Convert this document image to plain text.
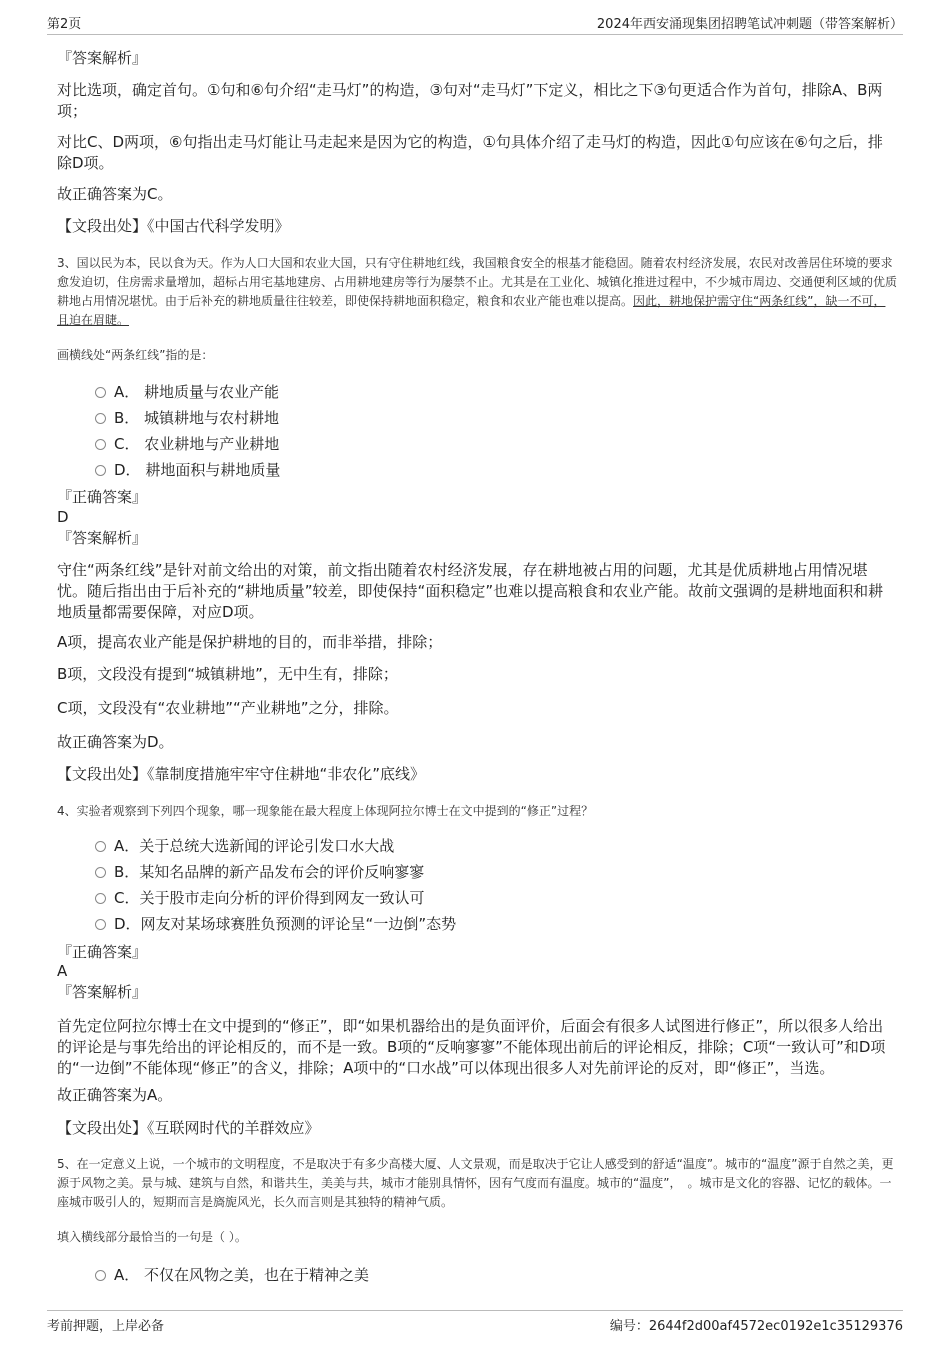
第2页	2024年西安涌现集团招聘笔试冲刺题（带答案解析）
『答案解析』
对比选项，确定首句。①句和⑥句介绍“走马灯”的构造，③句对“走马灯”下定义，相比之下③句更适合作为首句，排除A、B两项；
对比C、D两项，⑥句指出走马灯能让马走起来是因为它的构造，①句具体介绍了走马灯的构造，因此①句应该在⑥句之后，排除D项。
故正确答案为C。
【文段出处】《中国古代科学发明》
3、国以民为本，民以食为天。作为人口大国和农业大国，只有守住耕地红线，我国粮食安全的根基才能稳固。随着农村经济发展，农民对改善居住环境的要求愈发迫切，住房需求量增加，超标占用宅基地建房、占用耕地建房等行为屡禁不止。尤其是在工业化、城镇化推进过程中，不少城市周边、交通便利区域的优质耕地占用情况堪忧。由于后补充的耕地质量往往较差，即使保持耕地面积稳定，粮食和农业产能也难以提高。因此，耕地保护需守住“两条红线”，缺一不可，且迫在眉睫。
画横线处“两条红线”指的是：
A． 耕地质量与农业产能
B． 城镇耕地与农村耕地
C． 农业耕地与产业耕地
D． 耕地面积与耕地质量
『正确答案』
D
『答案解析』
守住“两条红线”是针对前文给出的对策，前文指出随着农村经济发展，存在耕地被占用的问题，尤其是优质耕地占用情况堪忧。随后指出由于后补充的“耕地质量”较差，即使保持“面积稳定”也难以提高粮食和农业产能。故前文强调的是耕地面积和耕地质量都需要保障，对应D项。
A项，提高农业产能是保护耕地的目的，而非举措，排除；
B项，文段没有提到“城镇耕地”，无中生有，排除；
C项，文段没有“农业耕地”“产业耕地”之分，排除。
故正确答案为D。
【文段出处】《靠制度措施牢牢守住耕地“非农化”底线》
4、实验者观察到下列四个现象，哪一现象能在最大程度上体现阿拉尔博士在文中提到的“修正”过程？
A．关于总统大选新闻的评论引发口水大战
B．某知名品牌的新产品发布会的评价反响寥寥
C．关于股市走向分析的评价得到网友一致认可
D．网友对某场球赛胜负预测的评论呈“一边倒”态势
『正确答案』
A
『答案解析』
首先定位阿拉尔博士在文中提到的“修正”，即“如果机器给出的是负面评价，后面会有很多人试图进行修正”，所以很多人给出的评论是与事先给出的评论相反的，而不是一致。B项的“反响寥寥”不能体现出前后的评论相反，排除；C项“一致认可”和D项的“一边倒”不能体现“修正”的含义，排除；A项中的“口水战”可以体现出很多人对先前评论的反对，即“修正”，当选。
故正确答案为A。
【文段出处】《互联网时代的羊群效应》
5、在一定意义上说，一个城市的文明程度，不是取决于有多少高楼大厦、人文景观，而是取决于它让人感受到的舒适“温度”。城市的“温度”源于自然之美，更源于风物之美。景与城、建筑与自然，和谐共生，美美与共，城市才能别具情怀，因有气度而有温度。城市的“温度”，　。城市是文化的容器、记忆的载体。一座城市吸引人的，短期而言是旖旎风光，长久而言则是其独特的精神气质。
填入横线部分最恰当的一句是（ ）。
A． 不仅在风物之美，也在于精神之美
考前押题，上岸必备	编号：2644f2d00af4572ec0192e1c35129376
